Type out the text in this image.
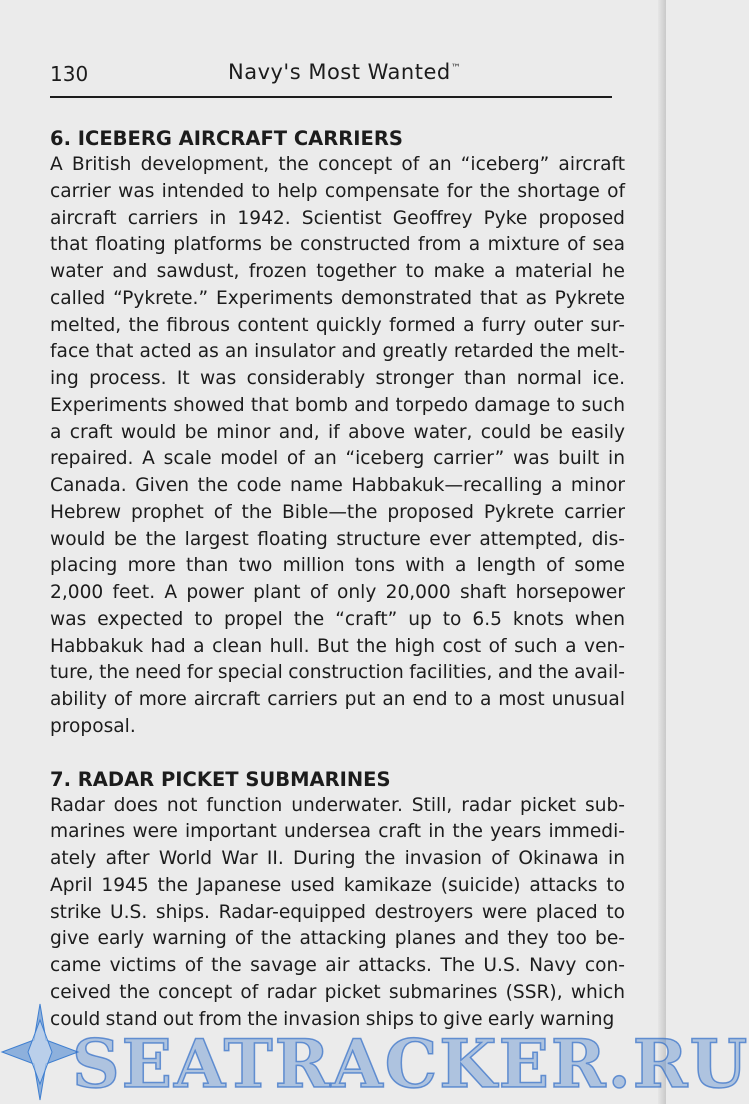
130	Navy's Most Wanted™
6. ICEBERG AIRCRAFT CARRIERS

A British development, the concept of an “iceberg” aircraft carrier was intended to help compensate for the shortage of aircraft carriers in 1942. Scientist Geoffrey Pyke proposed that floating platforms be constructed from a mixture of sea water and sawdust, frozen together to make a material he called “Pykrete.” Experiments demonstrated that as Pykrete melted, the fibrous content quickly formed a furry outer sur-face that acted as an insulator and greatly retarded the melt-ing process. It was considerably stronger than normal ice. Experiments showed that bomb and torpedo damage to such a craft would be minor and, if above water, could be easily repaired. A scale model of an “iceberg carrier” was built in Canada. Given the code name Habbakuk—recalling a minor Hebrew prophet of the Bible—the proposed Pykrete carrier would be the largest floating structure ever attempted, dis-placing more than two million tons with a length of some 2,000 feet. A power plant of only 20,000 shaft horsepower was expected to propel the “craft” up to 6.5 knots when Habbakuk had a clean hull. But the high cost of such a ven-ture, the need for special construction facilities, and the avail-ability of more aircraft carriers put an end to a most unusual proposal.

7. RADAR PICKET SUBMARINES

Radar does not function underwater. Still, radar picket sub-marines were important undersea craft in the years immedi-ately after World War II. During the invasion of Okinawa in April 1945 the Japanese used kamikaze (suicide) attacks to strike U.S. ships. Radar-equipped destroyers were placed to give early warning of the attacking planes and they too be-came victims of the savage air attacks. The U.S. Navy con-ceived the concept of radar picket submarines (SSR), which could stand out from the invasion ships to give early warning

SEATRACKER.RU
